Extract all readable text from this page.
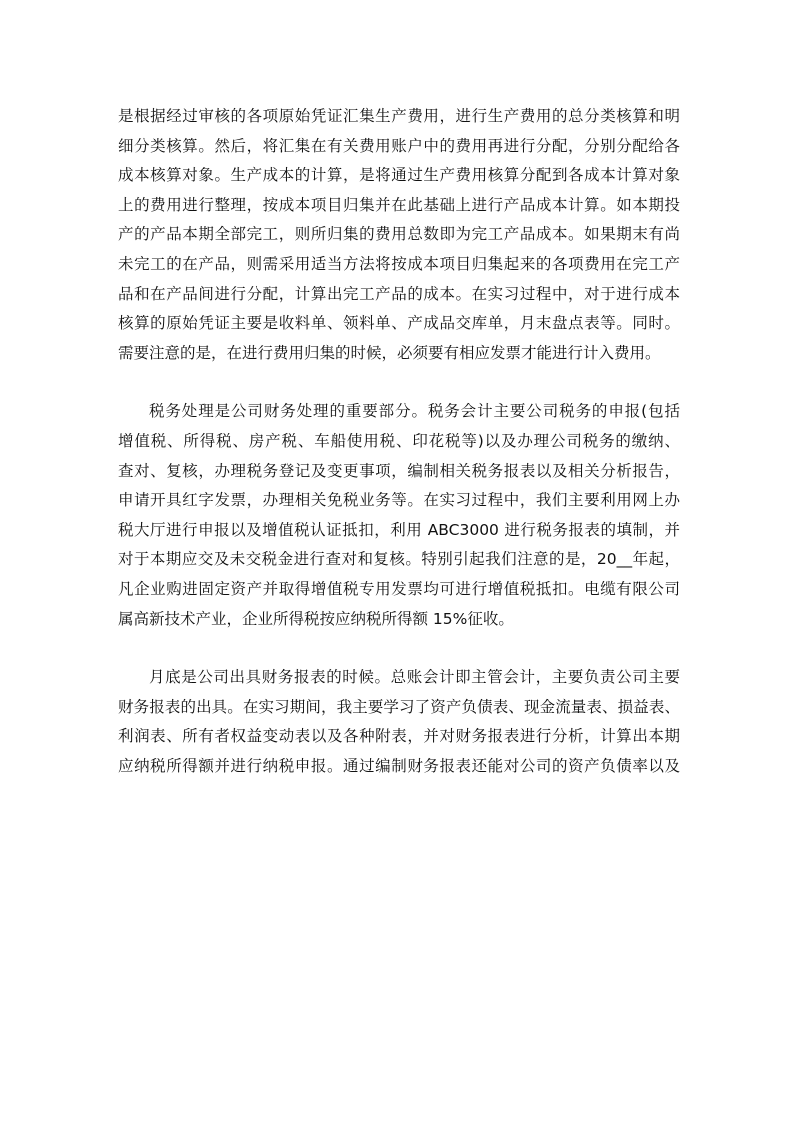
是根据经过审核的各项原始凭证汇集生产费用，进行生产费用的总分类核算和明
细分类核算。然后，将汇集在有关费用账户中的费用再进行分配，分别分配给各
成本核算对象。生产成本的计算，是将通过生产费用核算分配到各成本计算对象
上的费用进行整理，按成本项目归集并在此基础上进行产品成本计算。如本期投
产的产品本期全部完工，则所归集的费用总数即为完工产品成本。如果期末有尚
未完工的在产品，则需采用适当方法将按成本项目归集起来的各项费用在完工产
品和在产品间进行分配，计算出完工产品的成本。在实习过程中，对于进行成本
核算的原始凭证主要是收料单、领料单、产成品交库单，月末盘点表等。同时。
需要注意的是，在进行费用归集的时候，必须要有相应发票才能进行计入费用。

税务处理是公司财务处理的重要部分。税务会计主要公司税务的申报(包括
增值税、所得税、房产税、车船使用税、印花税等)以及办理公司税务的缴纳、
查对、复核，办理税务登记及变更事项，编制相关税务报表以及相关分析报告，
申请开具红字发票，办理相关免税业务等。在实习过程中，我们主要利用网上办
税大厅进行申报以及增值税认证抵扣，利用 ABC3000 进行税务报表的填制，并
对于本期应交及未交税金进行查对和复核。特别引起我们注意的是，20__年起，
凡企业购进固定资产并取得增值税专用发票均可进行增值税抵扣。电缆有限公司
属高新技术产业，企业所得税按应纳税所得额 15%征收。

月底是公司出具财务报表的时候。总账会计即主管会计，主要负责公司主要
财务报表的出具。在实习期间，我主要学习了资产负债表、现金流量表、损益表、
利润表、所有者权益变动表以及各种附表，并对财务报表进行分析，计算出本期
应纳税所得额并进行纳税申报。通过编制财务报表还能对公司的资产负债率以及
